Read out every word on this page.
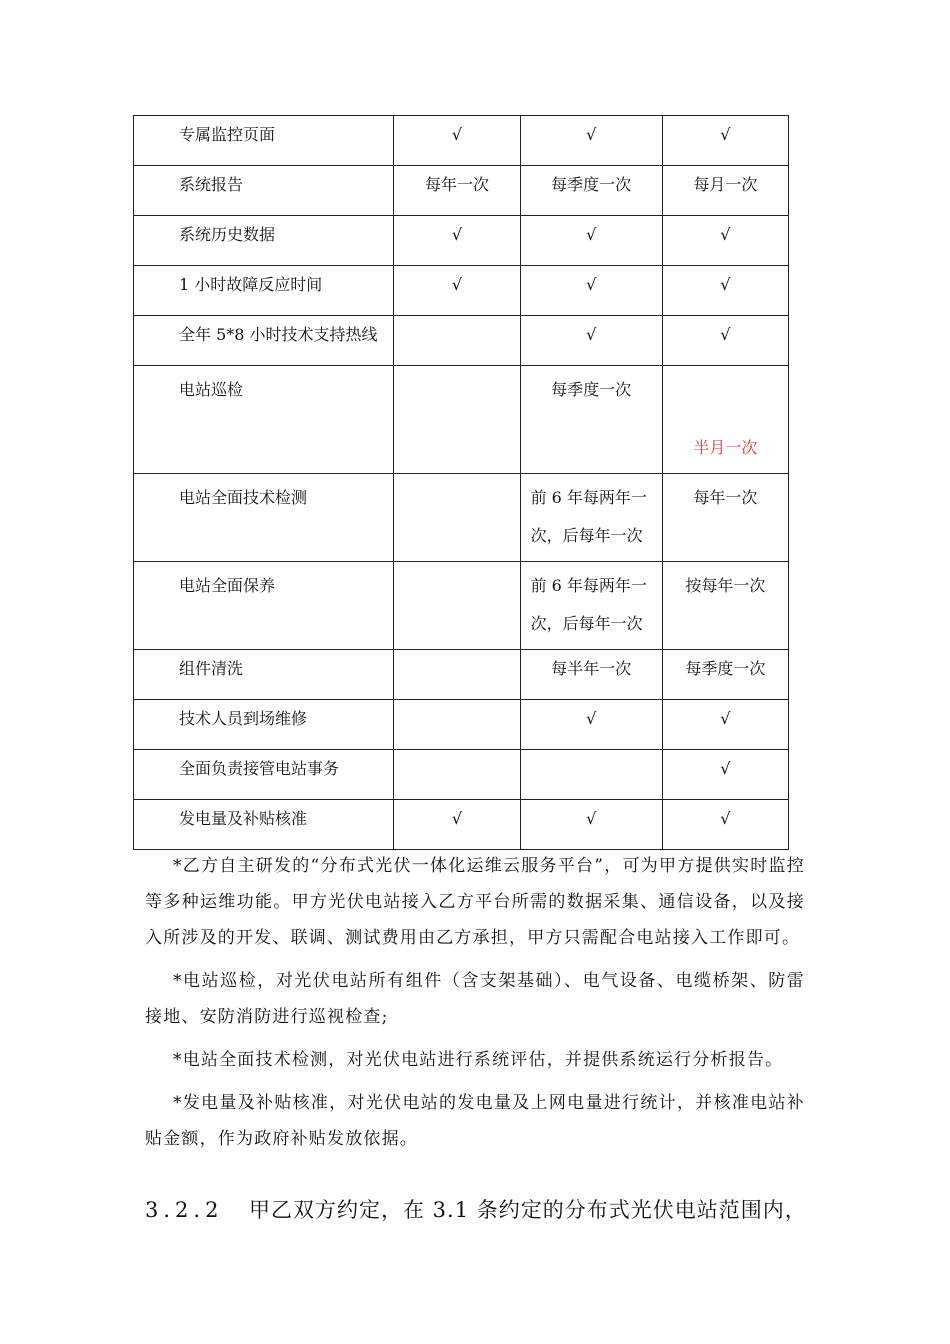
专属监控页面	√	√	√
系统报告	每年一次	每季度一次	每月一次
系统历史数据	√	√	√
1 小时故障反应时间	√	√	√
全年 5*8 小时技术支持热线		√	√

电站巡检		每季度一次	半月一次

电站全面技术检测		前 6 年每两年一次，后每年一次	每年一次

电站全面保养		前 6 年每两年一次，后每年一次	按每年一次

组件清洗		每半年一次	每季度一次
技术人员到场维修		√	√
全面负责接管电站事务			√
发电量及补贴核准	√	√	√

*乙方自主研发的“分布式光伏一体化运维云服务平台”，可为甲方提供实时监控等多种运维功能。甲方光伏电站接入乙方平台所需的数据采集、通信设备，以及接入所涉及的开发、联调、测试费用由乙方承担，甲方只需配合电站接入工作即可。

*电站巡检，对光伏电站所有组件（含支架基础）、电气设备、电缆桥架、防雷接地、安防消防进行巡视检查;

*电站全面技术检测，对光伏电站进行系统评估，并提供系统运行分析报告。

*发电量及补贴核准，对光伏电站的发电量及上网电量进行统计，并核准电站补贴金额，作为政府补贴发放依据。

3.2.2 甲乙双方约定，在 3.1 条约定的分布式光伏电站范围内，
